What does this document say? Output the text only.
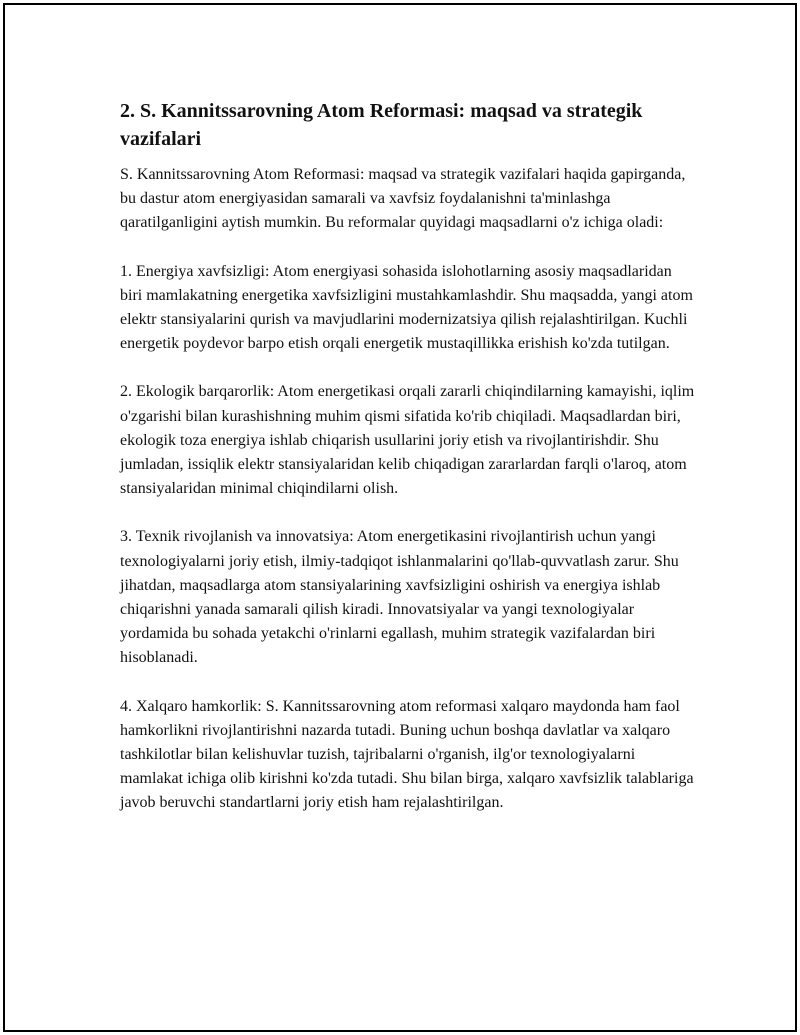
2. S. Kannitssarovning Atom Reformasi: maqsad va strategik vazifalari

S. Kannitssarovning Atom Reformasi: maqsad va strategik vazifalari haqida gapirganda, bu dastur atom energiyasidan samarali va xavfsiz foydalanishni ta'minlashga qaratilganligini aytish mumkin. Bu reformalar quyidagi maqsadlarni o'z ichiga oladi:

1. Energiya xavfsizligi: Atom energiyasi sohasida islohotlarning asosiy maqsadlaridan biri mamlakatning energetika xavfsizligini mustahkamlashdir. Shu maqsadda, yangi atom elektr stansiyalarini qurish va mavjudlarini modernizatsiya qilish rejalashtirilgan. Kuchli energetik poydevor barpo etish orqali energetik mustaqillikka erishish ko'zda tutilgan.

2. Ekologik barqarorlik: Atom energetikasi orqali zararli chiqindilarning kamayishi, iqlim o'zgarishi bilan kurashishning muhim qismi sifatida ko'rib chiqiladi. Maqsadlardan biri, ekologik toza energiya ishlab chiqarish usullarini joriy etish va rivojlantirishdir. Shu jumladan, issiqlik elektr stansiyalaridan kelib chiqadigan zararlardan farqli o'laroq, atom stansiyalaridan minimal chiqindilarni olish.

3. Texnik rivojlanish va innovatsiya: Atom energetikasini rivojlantirish uchun yangi texnologiyalarni joriy etish, ilmiy-tadqiqot ishlanmalarini qo'llab-quvvatlash zarur. Shu jihatdan, maqsadlarga atom stansiyalarining xavfsizligini oshirish va energiya ishlab chiqarishni yanada samarali qilish kiradi. Innovatsiyalar va yangi texnologiyalar yordamida bu sohada yetakchi o'rinlarni egallash, muhim strategik vazifalardan biri hisoblanadi.

4. Xalqaro hamkorlik: S. Kannitssarovning atom reformasi xalqaro maydonda ham faol hamkorlikni rivojlantirishni nazarda tutadi. Buning uchun boshqa davlatlar va xalqaro tashkilotlar bilan kelishuvlar tuzish, tajribalarni o'rganish, ilg'or texnologiyalarni mamlakat ichiga olib kirishni ko'zda tutadi. Shu bilan birga, xalqaro xavfsizlik talablariga javob beruvchi standartlarni joriy etish ham rejalashtirilgan.
